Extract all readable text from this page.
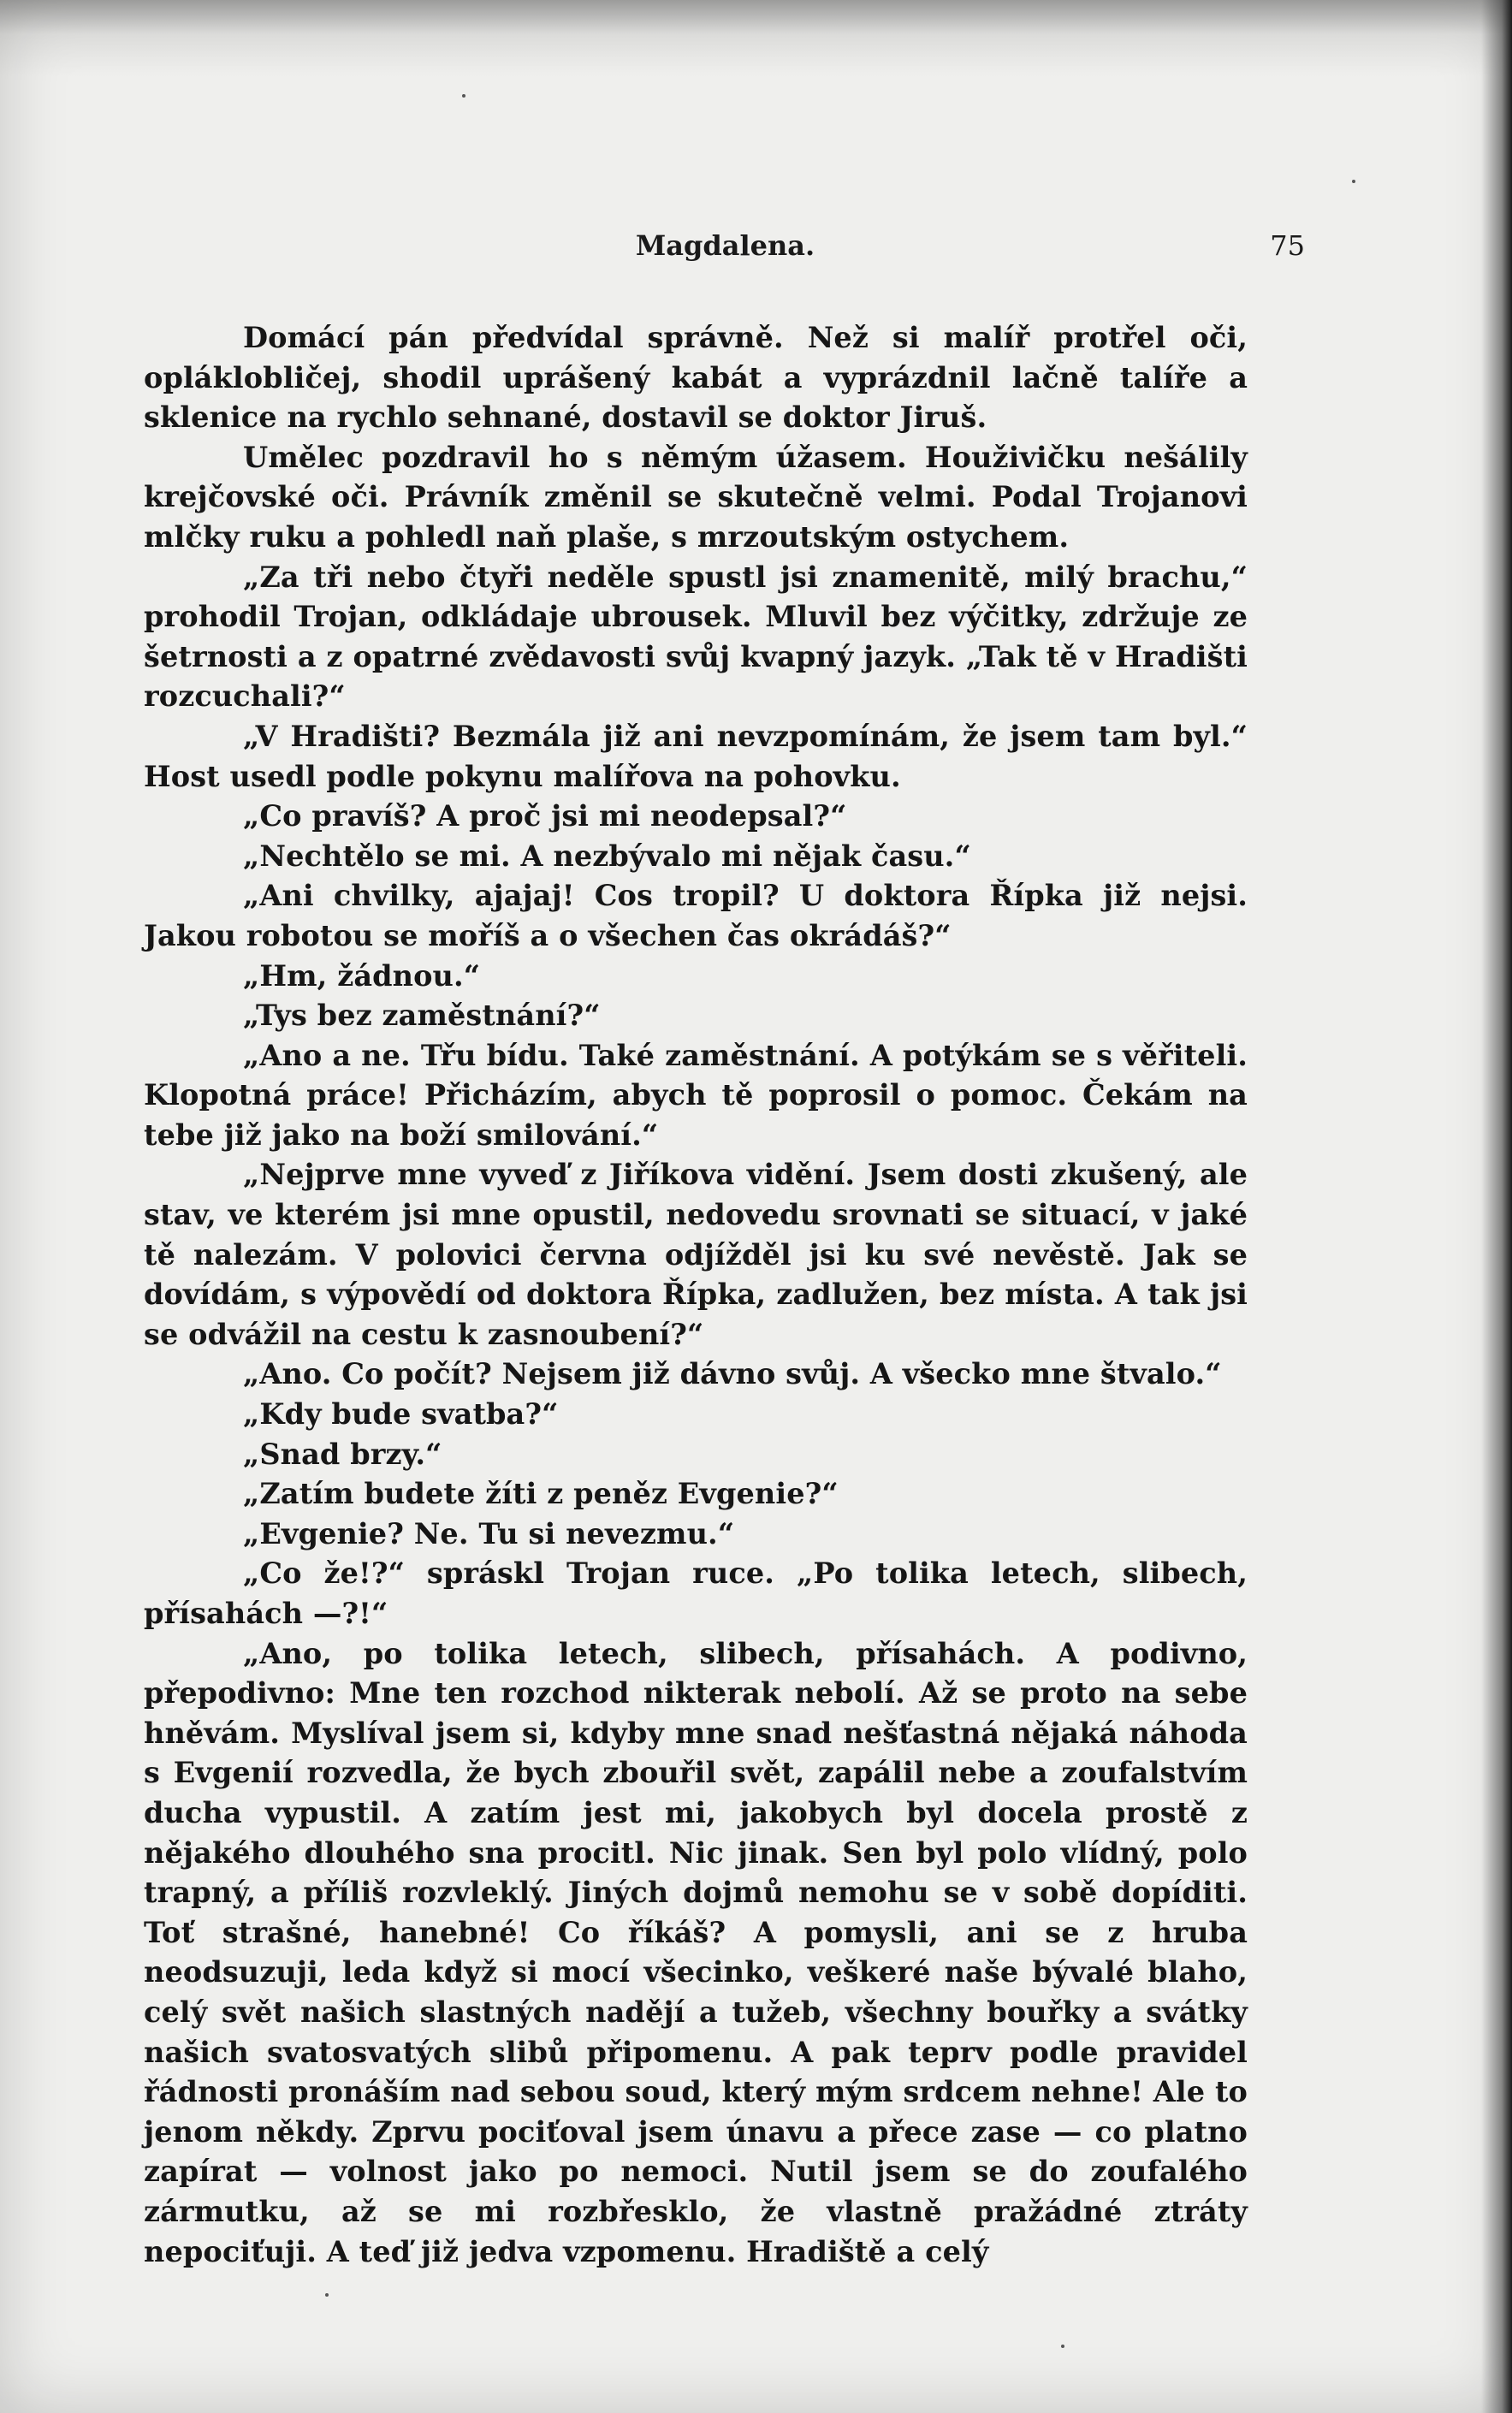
Magdalena.	75

Domácí pán předvídal správně. Než si malíř protřel oči, opláklobličej, shodil uprášený kabát a vyprázdnil lačně talíře a sklenice na rychlo sehnané, dostavil se doktor Jiruš.

Umělec pozdravil ho s němým úžasem. Houživičku nešálily krejčovské oči. Právník změnil se skutečně velmi. Podal Trojanovi mlčky ruku a pohledl naň plaše, s mrzoutským ostychem.

„Za tři nebo čtyři neděle spustl jsi znamenitě, milý brachu,“ prohodil Trojan, odkládaje ubrousek. Mluvil bez výčitky, zdržuje ze šetrnosti a z opatrné zvědavosti svůj kvapný jazyk. „Tak tě v Hradišti rozcuchali?“

„V Hradišti? Bezmála již ani nevzpomínám, že jsem tam byl.“ Host usedl podle pokynu malířova na pohovku.

„Co pravíš? A proč jsi mi neodepsal?“

„Nechtělo se mi. A nezbývalo mi nějak času.“

„Ani chvilky, ajajaj! Cos tropil? U doktora Řípka již nejsi. Jakou robotou se moříš a o všechen čas okrádáš?“

„Hm, žádnou.“

„Tys bez zaměstnání?“

„Ano a ne. Třu bídu. Také zaměstnání. A potýkám se s věřiteli. Klopotná práce! Přicházím, abych tě poprosil o pomoc. Čekám na tebe již jako na boží smilování.“

„Nejprve mne vyveď z Jiříkova vidění. Jsem dosti zkušený, ale stav, ve kterém jsi mne opustil, nedovedu srovnati se situací, v jaké tě nalezám. V polovici června odjížděl jsi ku své nevěstě. Jak se dovídám, s výpovědí od doktora Řípka, zadlužen, bez místa. A tak jsi se odvážil na cestu k zasnoubení?“

„Ano. Co počít? Nejsem již dávno svůj. A všecko mne štvalo.“

„Kdy bude svatba?“

„Snad brzy.“

„Zatím budete žíti z peněz Evgenie?“

„Evgenie? Ne. Tu si nevezmu.“

„Co že!?“ spráskl Trojan ruce. „Po tolika letech, slibech, přísahách —?!“

„Ano, po tolika letech, slibech, přísahách. A podivno, přepodivno: Mne ten rozchod nikterak nebolí. Až se proto na sebe hněvám. Myslíval jsem si, kdyby mne snad nešťastná nějaká náhoda s Evgenií rozvedla, že bych zbouřil svět, zapálil nebe a zoufalstvím ducha vypustil. A zatím jest mi, jakobych byl docela prostě z nějakého dlouhého sna procitl. Nic jinak. Sen byl polo vlídný, polo trapný, a příliš rozvleklý. Jiných dojmů nemohu se v sobě dopíditi. Toť strašné, hanebné! Co říkáš? A pomysli, ani se z hruba neodsuzuji, leda když si mocí všecinko, veškeré naše bývalé blaho, celý svět našich slastných nadějí a tužeb, všechny bouřky a svátky našich svatosvatých slibů připomenu. A pak teprv podle pravidel řádnosti pronáším nad sebou soud, který mým srdcem nehne! Ale to jenom někdy. Zprvu pociťoval jsem únavu a přece zase — co platno zapírat — volnost jako po nemoci. Nutil jsem se do zoufalého zármutku, až se mi rozbřesklo, že vlastně pražádné ztráty nepociťuji. A teď již jedva vzpomenu. Hradiště a celý
